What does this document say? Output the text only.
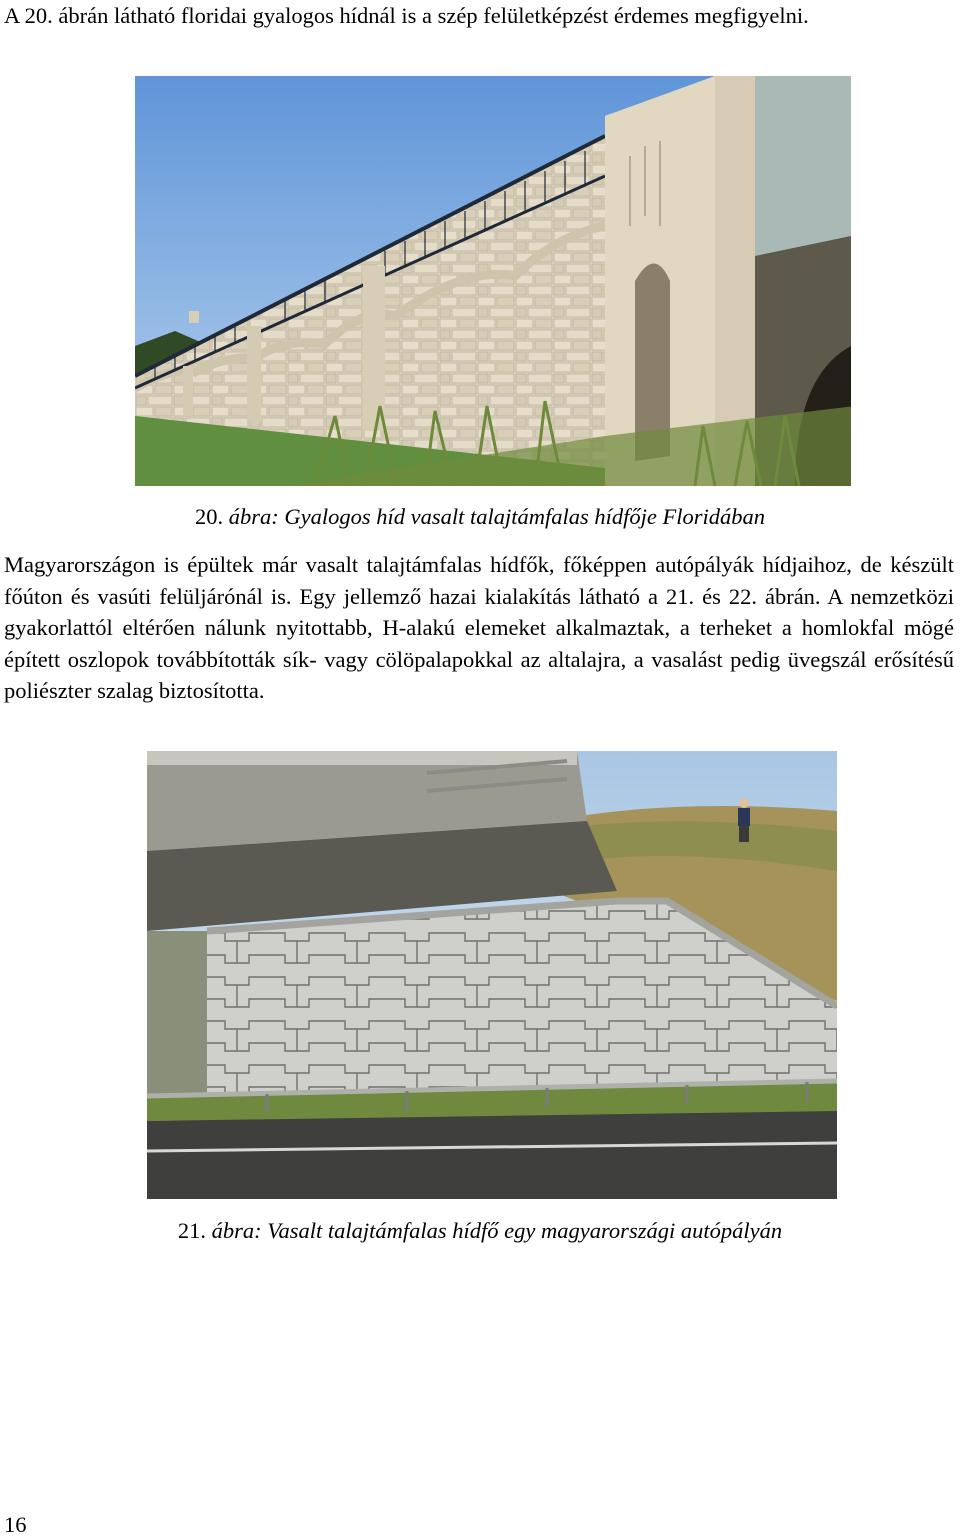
A 20. ábrán látható floridai gyalogos hídnál is a szép felületképzést érdemes megfigyelni.

20. ábra: Gyalogos híd vasalt talajtámfalas hídfője Floridában

Magyarországon is épültek már vasalt talajtámfalas hídfők, főképpen autópályák hídjaihoz, de készült főúton és vasúti felüljárónál is. Egy jellemző hazai kialakítás látható a 21. és 22. ábrán. A nemzetközi gyakorlattól eltérően nálunk nyitottabb, H-alakú elemeket alkalmaztak, a terheket a homlokfal mögé épített oszlopok továbbították sík- vagy cölöpalapokkal az altalajra, a vasalást pedig üvegszál erősítésű poliészter szalag biztosította.

21. ábra: Vasalt talajtámfalas hídfő egy magyarországi autópályán
16
